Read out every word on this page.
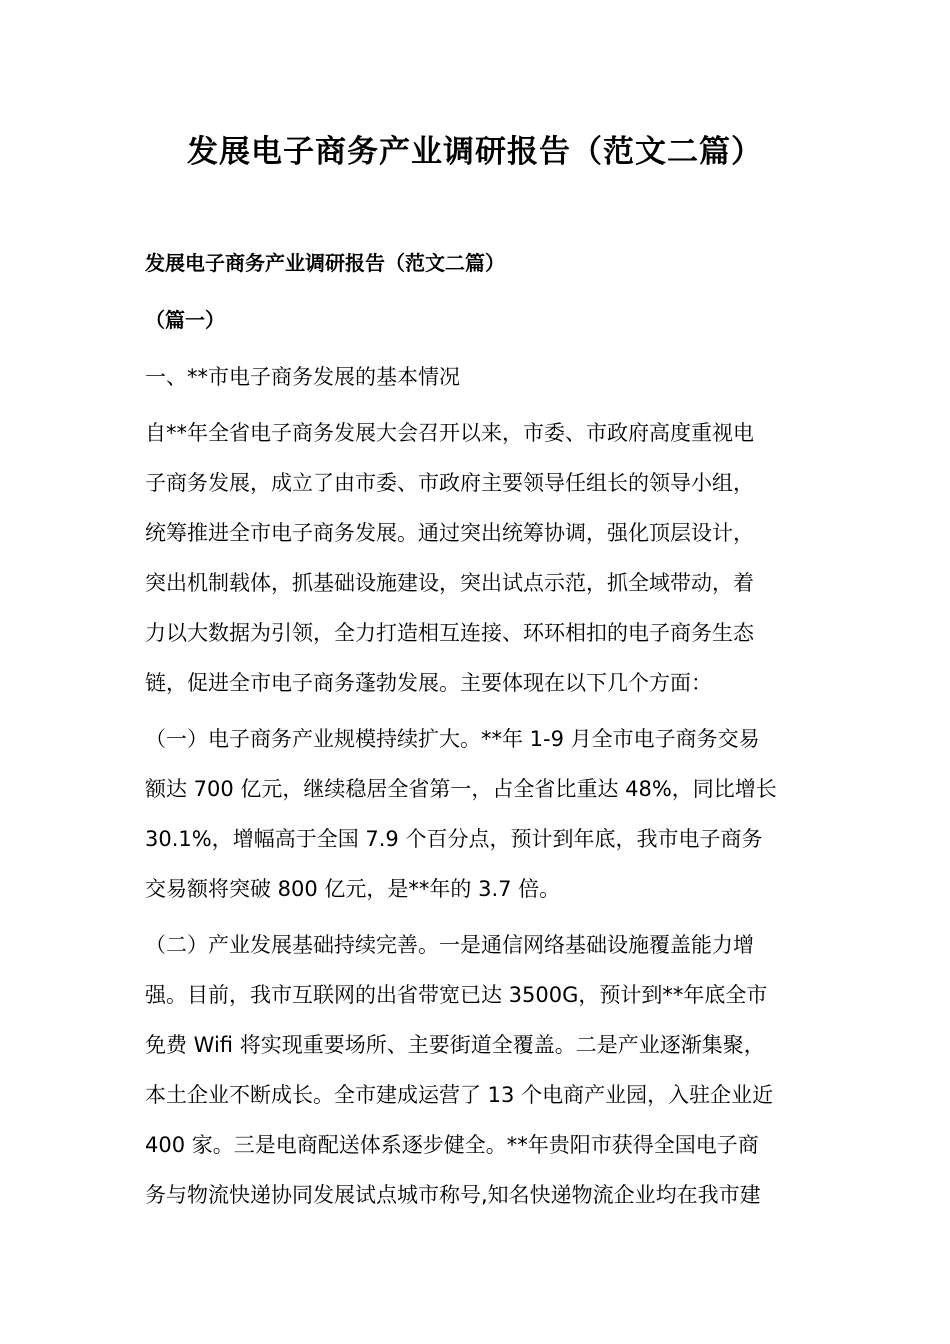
发展电子商务产业调研报告（范文二篇）

发展电子商务产业调研报告（范文二篇）

（篇一）

一、**市电子商务发展的基本情况

自**年全省电子商务发展大会召开以来，市委、市政府高度重视电

子商务发展，成立了由市委、市政府主要领导任组长的领导小组，

统筹推进全市电子商务发展。通过突出统筹协调，强化顶层设计，

突出机制载体，抓基础设施建设，突出试点示范，抓全域带动，着

力以大数据为引领，全力打造相互连接、环环相扣的电子商务生态

链，促进全市电子商务蓬勃发展。主要体现在以下几个方面：

（一）电子商务产业规模持续扩大。**年 1-9 月全市电子商务交易

额达 700 亿元，继续稳居全省第一，占全省比重达 48%，同比增长

30.1%，增幅高于全国 7.9 个百分点，预计到年底，我市电子商务

交易额将突破 800 亿元，是**年的 3.7 倍。

（二）产业发展基础持续完善。一是通信网络基础设施覆盖能力增

强。目前，我市互联网的出省带宽已达 3500G，预计到**年底全市

免费 Wifi 将实现重要场所、主要街道全覆盖。二是产业逐渐集聚，

本土企业不断成长。全市建成运营了 13 个电商产业园，入驻企业近

400 家。三是电商配送体系逐步健全。**年贵阳市获得全国电子商

务与物流快递协同发展试点城市称号,知名快递物流企业均在我市建
